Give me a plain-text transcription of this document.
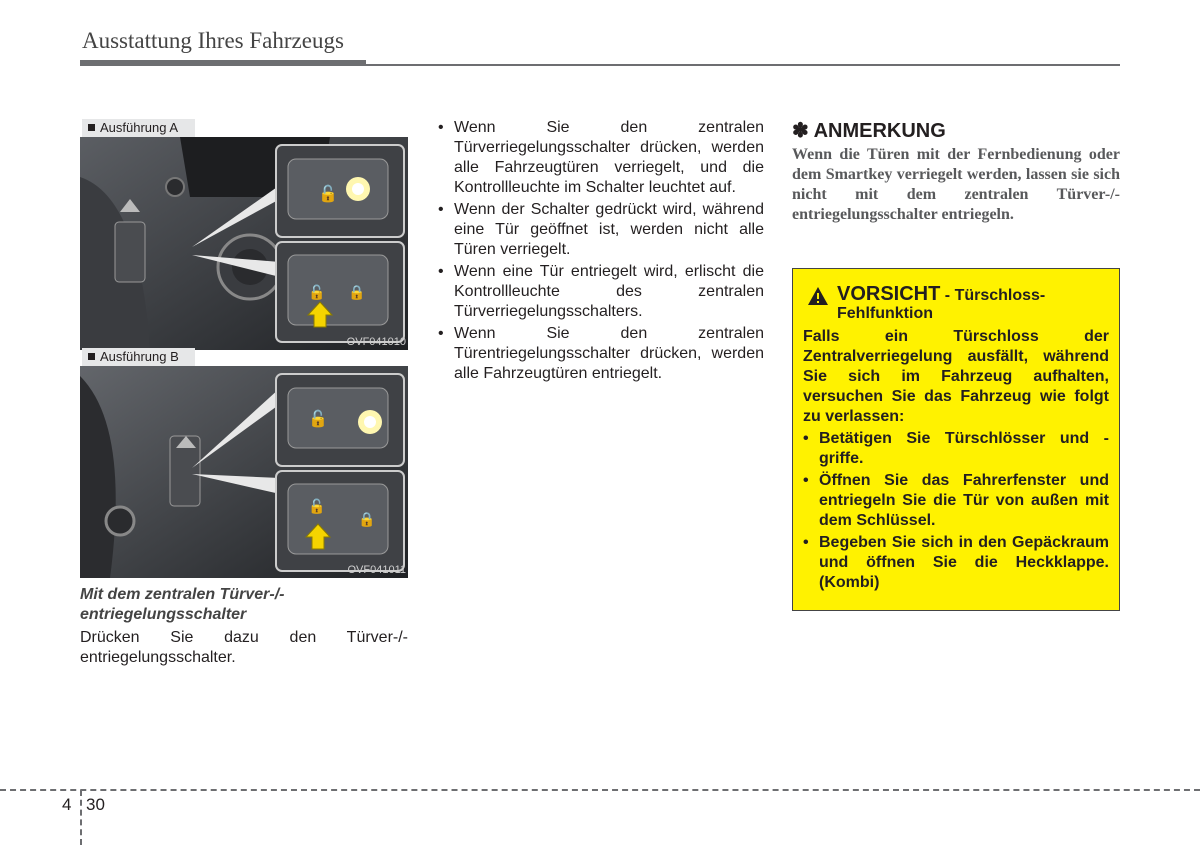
Ausstattung Ihres Fahrzeugs
Ausführung A
🔓
🔓 🔒
OVF041010
Ausführung B
🔓
🔓
🔒
OVF041011
Mit dem zentralen Türver-/- entriegelungsschalter
Drücken Sie dazu den Türver-/- entriegelungsschalter.
• Wenn Sie den zentralen Türverriegelungsschalter drücken, werden alle Fahrzeugtüren verriegelt, und die Kontrollleuchte im Schalter leuchtet auf.
• Wenn der Schalter gedrückt wird, während eine Tür geöffnet ist, werden nicht alle Türen verriegelt.
• Wenn eine Tür entriegelt wird, erlischt die Kontrollleuchte des zentralen Türverriegelungsschalters.
• Wenn Sie den zentralen Türentriegelungsschalter drücken, werden alle Fahrzeugtüren entriegelt.
✽ ANMERKUNG
Wenn die Türen mit der Fernbedienung oder dem Smartkey verriegelt werden, lassen sie sich nicht mit dem zentralen Türver-/-entriegelungsschalter entriegeln.
VORSICHT - Türschloss-
Fehlfunktion
Falls ein Türschloss der Zentralverriegelung ausfällt, während Sie sich im Fahrzeug aufhalten, versuchen Sie das Fahrzeug wie folgt zu verlassen:
• Betätigen Sie Türschlösser und -griffe.
• Öffnen Sie das Fahrerfenster und entriegeln Sie die Tür von außen mit dem Schlüssel.
• Begeben Sie sich in den Gepäckraum und öffnen Sie die Heckklappe. (Kombi)
4 30
